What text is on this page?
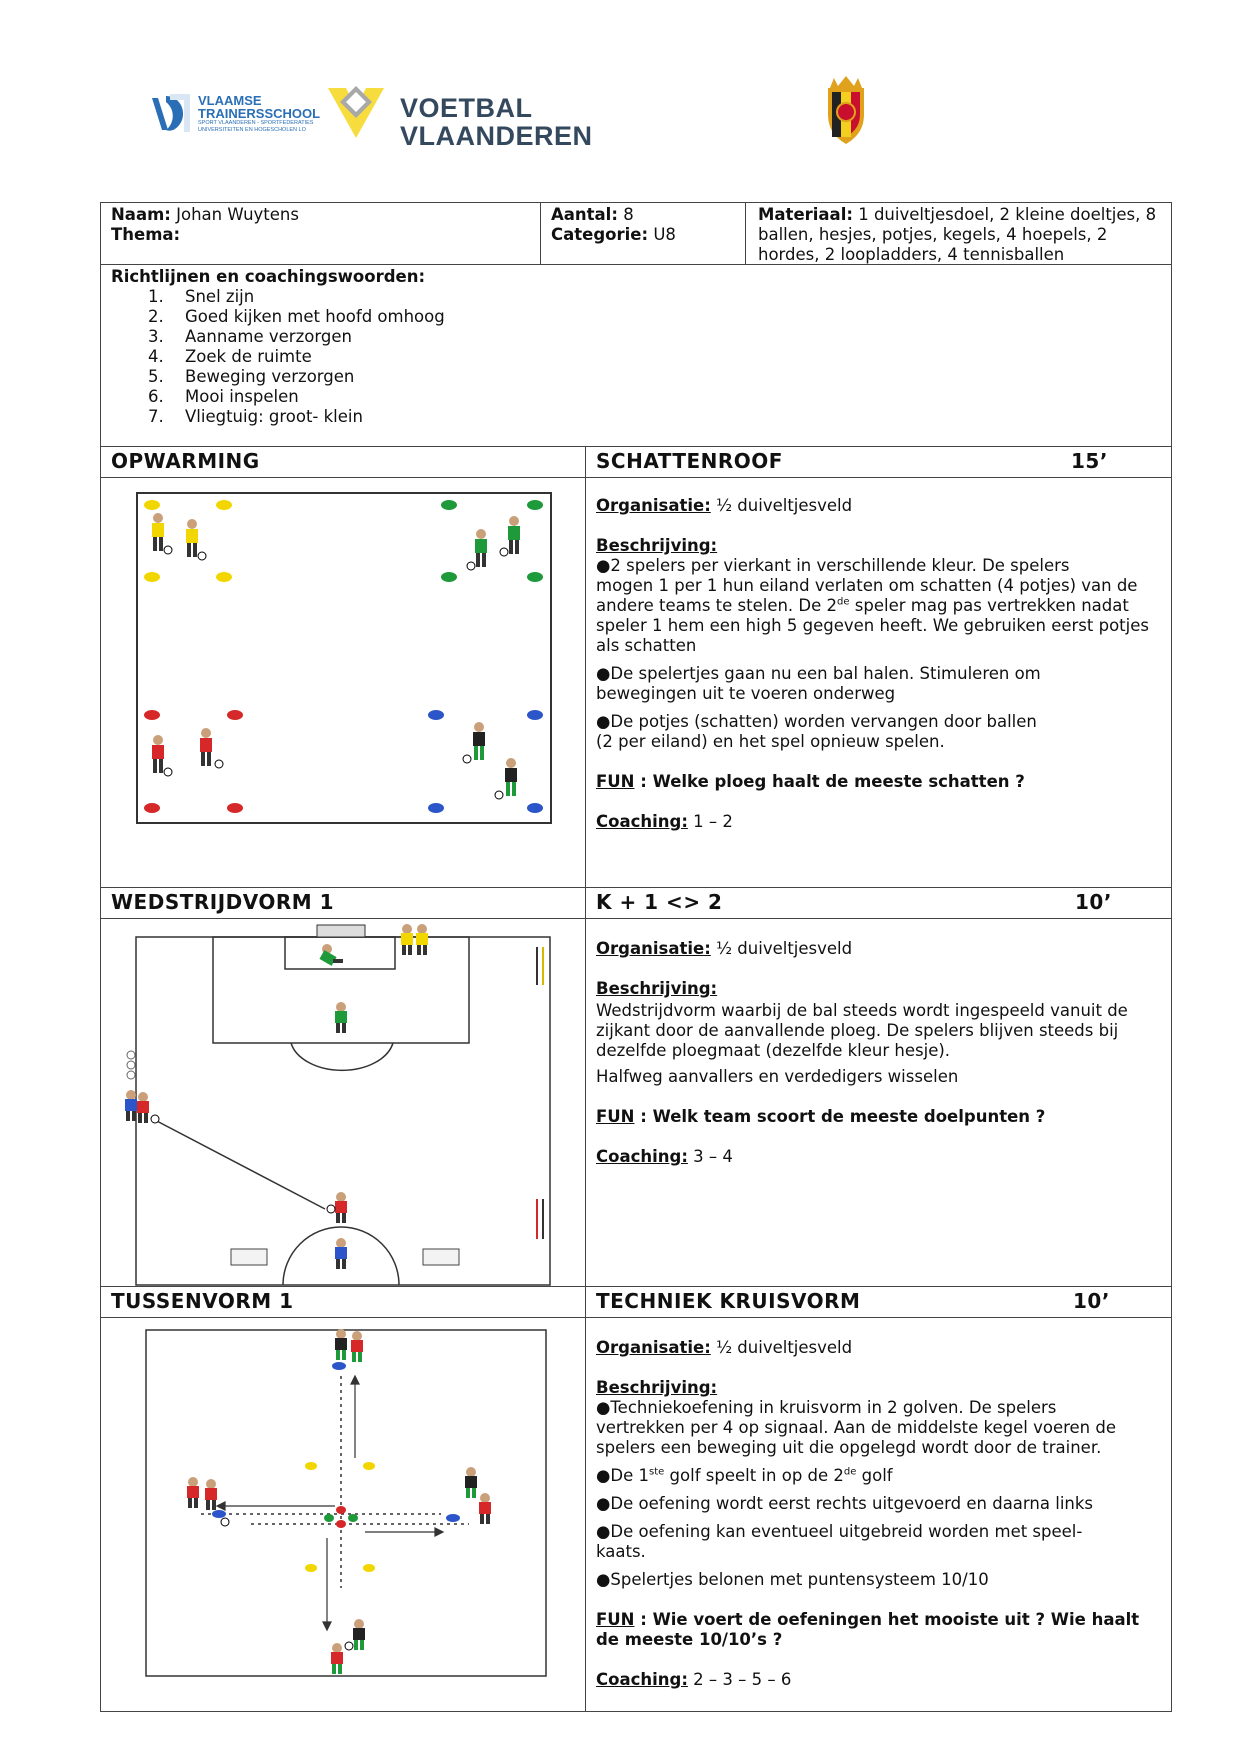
VLAAMSE
TRAINERSSCHOOL
SPORT VLAANDEREN - SPORTFEDERATIES
UNIVERSITEITEN EN HOGESCHOLEN LO
VOETBAL
VLAANDEREN
Naam: Johan Wuytens
Thema:
Aantal: 8
Categorie: U8
Materiaal: 1 duiveltjesdoel, 2 kleine doeltjes, 8
ballen, hesjes, potjes, kegels, 4 hoepels, 2
hordes, 2 loopladders, 4 tennisballen
Richtlijnen en coachingswoorden:
1. Snel zijn
2. Goed kijken met hoofd omhoog
3. Aanname verzorgen
4. Zoek de ruimte
5. Beweging verzorgen
6. Mooi inspelen
7. Vliegtuig: groot- klein
OPWARMING	SCHATTENROOF	15’

Organisatie: ½ duiveltjesveld

Beschrijving:

●2 spelers per vierkant in verschillende kleur. De spelers

mogen 1 per 1 hun eiland verlaten om schatten (4 potjes) van de

andere teams te stelen. De 2de speler mag pas vertrekken nadat

speler 1 hem een high 5 gegeven heeft. We gebruiken eerst potjes

als schatten

●De spelertjes gaan nu een bal halen. Stimuleren om

bewegingen uit te voeren onderweg

●De potjes (schatten) worden vervangen door ballen

(2 per eiland) en het spel opnieuw spelen.

FUN : Welke ploeg haalt de meeste schatten ?

Coaching: 1 – 2

WEDSTRIJDVORM 1	K + 1 <> 2	10’

Organisatie: ½ duiveltjesveld

Beschrijving:

Wedstrijdvorm waarbij de bal steeds wordt ingespeeld vanuit de

zijkant door de aanvallende ploeg. De spelers blijven steeds bij

dezelfde ploegmaat (dezelfde kleur hesje).

Halfweg aanvallers en verdedigers wisselen

FUN : Welk team scoort de meeste doelpunten ?

Coaching: 3 – 4

TUSSENVORM 1	TECHNIEK KRUISVORM	10’

Organisatie: ½ duiveltjesveld

Beschrijving:

●Techniekoefening in kruisvorm in 2 golven. De spelers

vertrekken per 4 op signaal. Aan de middelste kegel voeren de

spelers een beweging uit die opgelegd wordt door de trainer.

●De 1ste golf speelt in op de 2de golf

●De oefening wordt eerst rechts uitgevoerd en daarna links

●De oefening kan eventueel uitgebreid worden met speel-

kaats.

●Spelertjes belonen met puntensysteem 10/10

FUN : Wie voert de oefeningen het mooiste uit ? Wie haalt

de meeste 10/10’s ?

Coaching: 2 – 3 – 5 – 6
